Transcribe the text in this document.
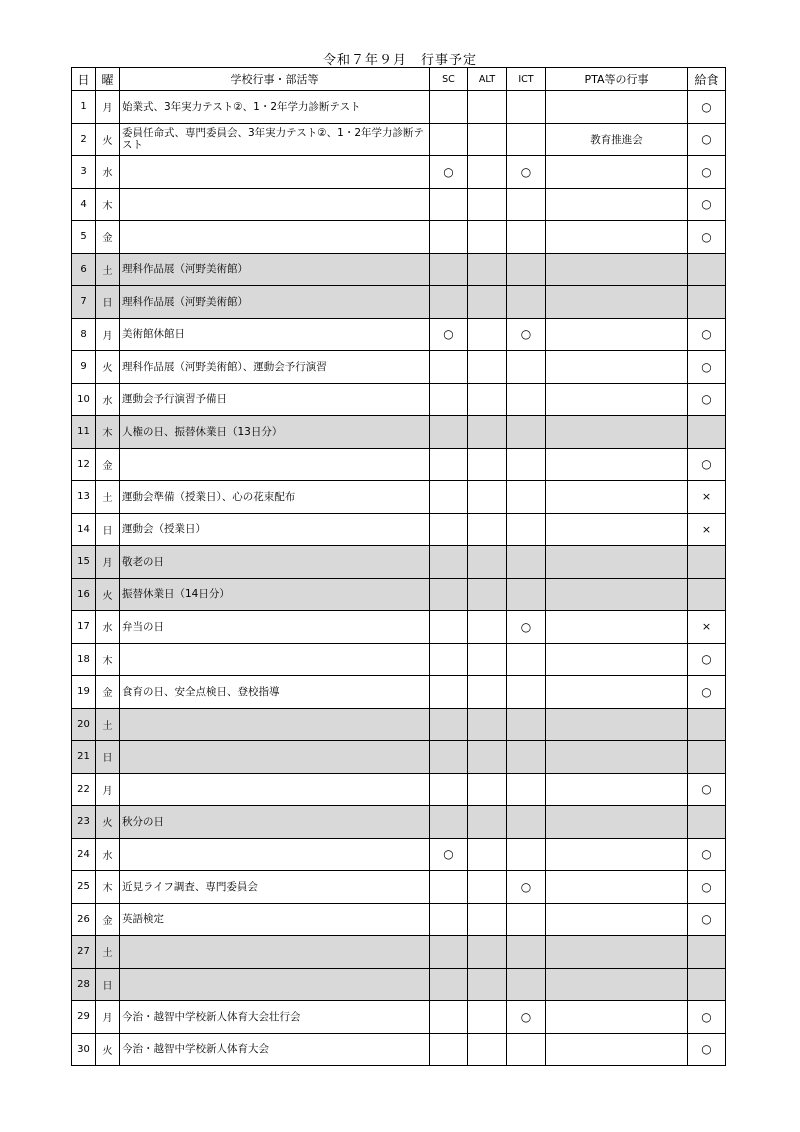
令和７年９月　行事予定
日	曜	学校行事・部活等	SC	ALT	ICT	PTA等の行事	給食
1	月	始業式、3年実力テスト②、1・2年学力診断テスト					○
2	火	委員任命式、専門委員会、3年実力テスト②、1・2年学力診断テスト				教育推進会	○
3	水		○		○		○
4	木						○
5	金						○
6	土	理科作品展（河野美術館）					
7	日	理科作品展（河野美術館）					
8	月	美術館休館日	○		○		○
9	火	理科作品展（河野美術館）、運動会予行演習					○
10	水	運動会予行演習予備日					○
11	木	人権の日、振替休業日（13日分）					
12	金						○
13	土	運動会準備（授業日）、心の花束配布					×
14	日	運動会（授業日）					×
15	月	敬老の日					
16	火	振替休業日（14日分）					
17	水	弁当の日			○		×
18	木						○
19	金	食育の日、安全点検日、登校指導					○
20	土						
21	日						
22	月						○
23	火	秋分の日					
24	水		○				○
25	木	近見ライフ調査、専門委員会			○		○
26	金	英語検定					○
27	土						
28	日						
29	月	今治・越智中学校新人体育大会壮行会			○		○
30	火	今治・越智中学校新人体育大会					○
